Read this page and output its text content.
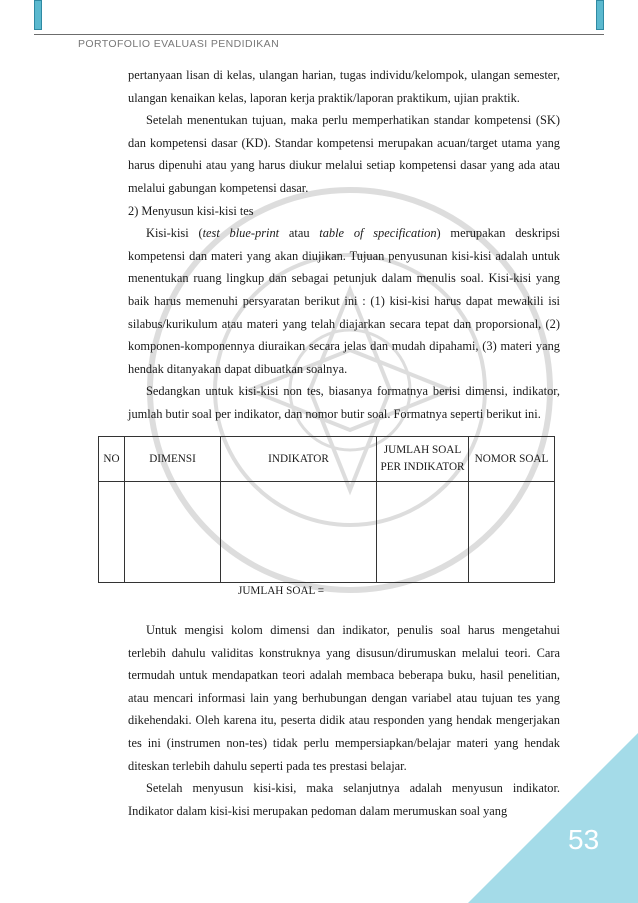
PORTOFOLIO EVALUASI PENDIDIKAN

pertanyaan lisan di kelas, ulangan harian, tugas individu/kelompok, ulangan semester, ulangan kenaikan kelas, laporan kerja praktik/laporan praktikum, ujian praktik.

Setelah menentukan tujuan, maka perlu memperhatikan standar kompetensi (SK) dan kompetensi dasar (KD). Standar kompetensi merupakan acuan/target utama yang harus dipenuhi atau yang harus diukur melalui setiap kompetensi dasar yang ada atau melalui gabungan kompetensi dasar.

2) Menyusun kisi-kisi tes

Kisi-kisi (test blue-print atau table of specification) merupakan deskripsi kompetensi dan materi yang akan diujikan. Tujuan penyusunan kisi-kisi adalah untuk menentukan ruang lingkup dan sebagai petunjuk dalam menulis soal. Kisi-kisi yang baik harus memenuhi persyaratan berikut ini : (1) kisi-kisi harus dapat mewakili isi silabus/kurikulum atau materi yang telah diajarkan secara tepat dan proporsional, (2) komponen-komponennya diuraikan secara jelas dan mudah dipahami, (3) materi yang hendak ditanyakan dapat dibuatkan soalnya.

Sedangkan untuk kisi-kisi non tes, biasanya formatnya berisi dimensi, indikator, jumlah butir soal per indikator, dan nomor butir soal. Formatnya seperti berikut ini.

NO	DIMENSI	INDIKATOR	JUMLAH SOAL PER INDIKATOR	NOMOR SOAL

JUMLAH SOAL =

Untuk mengisi kolom dimensi dan indikator, penulis soal harus mengetahui terlebih dahulu validitas konstruknya yang disusun/dirumuskan melalui teori. Cara termudah untuk mendapatkan teori adalah membaca beberapa buku, hasil penelitian, atau mencari informasi lain yang berhubungan dengan variabel atau tujuan tes yang dikehendaki. Oleh karena itu, peserta didik atau responden yang hendak mengerjakan tes ini (instrumen non-tes) tidak perlu mempersiapkan/belajar materi yang hendak diteskan terlebih dahulu seperti pada tes prestasi belajar.

Setelah menyusun kisi-kisi, maka selanjutnya adalah menyusun indikator. Indikator dalam kisi-kisi merupakan pedoman dalam merumuskan soal yang

53
